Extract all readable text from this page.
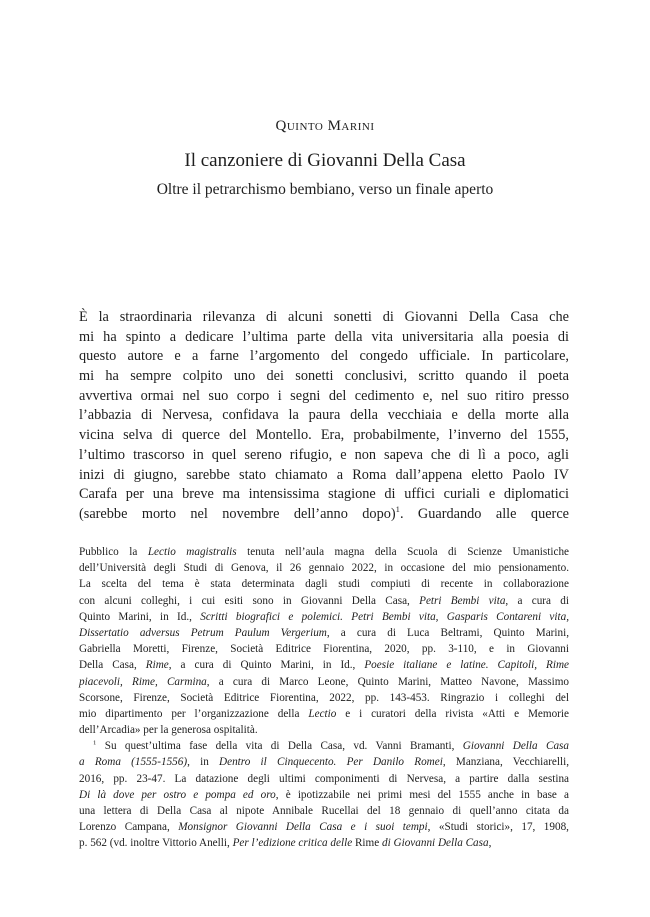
Quinto Marini
Il canzoniere di Giovanni Della Casa
Oltre il petrarchismo bembiano, verso un finale aperto
È la straordinaria rilevanza di alcuni sonetti di Giovanni Della Casa che
mi ha spinto a dedicare l’ultima parte della vita universitaria alla poesia di
questo autore e a farne l’argomento del congedo ufficiale. In particolare,
mi ha sempre colpito uno dei sonetti conclusivi, scritto quando il poeta
avvertiva ormai nel suo corpo i segni del cedimento e, nel suo ritiro presso
l’abbazia di Nervesa, confidava la paura della vecchiaia e della morte alla
vicina selva di querce del Montello. Era, probabilmente, l’inverno del 1555,
l’ultimo trascorso in quel sereno rifugio, e non sapeva che di lì a poco, agli
inizi di giugno, sarebbe stato chiamato a Roma dall’appena eletto Paolo IV
Carafa per una breve ma intensissima stagione di uffici curiali e diplomatici
(sarebbe morto nel novembre dell’anno dopo)$^1$. Guardando alle querce
Pubblico la Lectio magistralis tenuta nell’aula magna della Scuola di Scienze Umanistiche
dell’Università degli Studi di Genova, il 26 gennaio 2022, in occasione del mio pensionamento.
La scelta del tema è stata determinata dagli studi compiuti di recente in collaborazione
con alcuni colleghi, i cui esiti sono in Giovanni Della Casa, Petri Bembi vita, a cura di
Quinto Marini, in Id., Scritti biografici e polemici. Petri Bembi vita, Gasparis Contareni vita,
Dissertatio adversus Petrum Paulum Vergerium, a cura di Luca Beltrami, Quinto Marini,
Gabriella Moretti, Firenze, Società Editrice Fiorentina, 2020, pp. 3-110, e in Giovanni
Della Casa, Rime, a cura di Quinto Marini, in Id., Poesie italiane e latine. Capitoli, Rime
piacevoli, Rime, Carmina, a cura di Marco Leone, Quinto Marini, Matteo Navone, Massimo
Scorsone, Firenze, Società Editrice Fiorentina, 2022, pp. 143-453. Ringrazio i colleghi del
mio dipartimento per l’organizzazione della Lectio e i curatori della rivista «Atti e Memorie
dell’Arcadia» per la generosa ospitalità.
$^1$ Su quest’ultima fase della vita di Della Casa, vd. Vanni Bramanti, Giovanni Della Casa
a Roma (1555-1556), in Dentro il Cinquecento. Per Danilo Romei, Manziana, Vecchiarelli,
2016, pp. 23-47. La datazione degli ultimi componimenti di Nervesa, a partire dalla sestina
Di là dove per ostro e pompa ed oro, è ipotizzabile nei primi mesi del 1555 anche in base a
una lettera di Della Casa al nipote Annibale Rucellai del 18 gennaio di quell’anno citata da
Lorenzo Campana, Monsignor Giovanni Della Casa e i suoi tempi, «Studi storici», 17, 1908,
p. 562 (vd. inoltre Vittorio Anelli, Per l’edizione critica delle Rime di Giovanni Della Casa,
